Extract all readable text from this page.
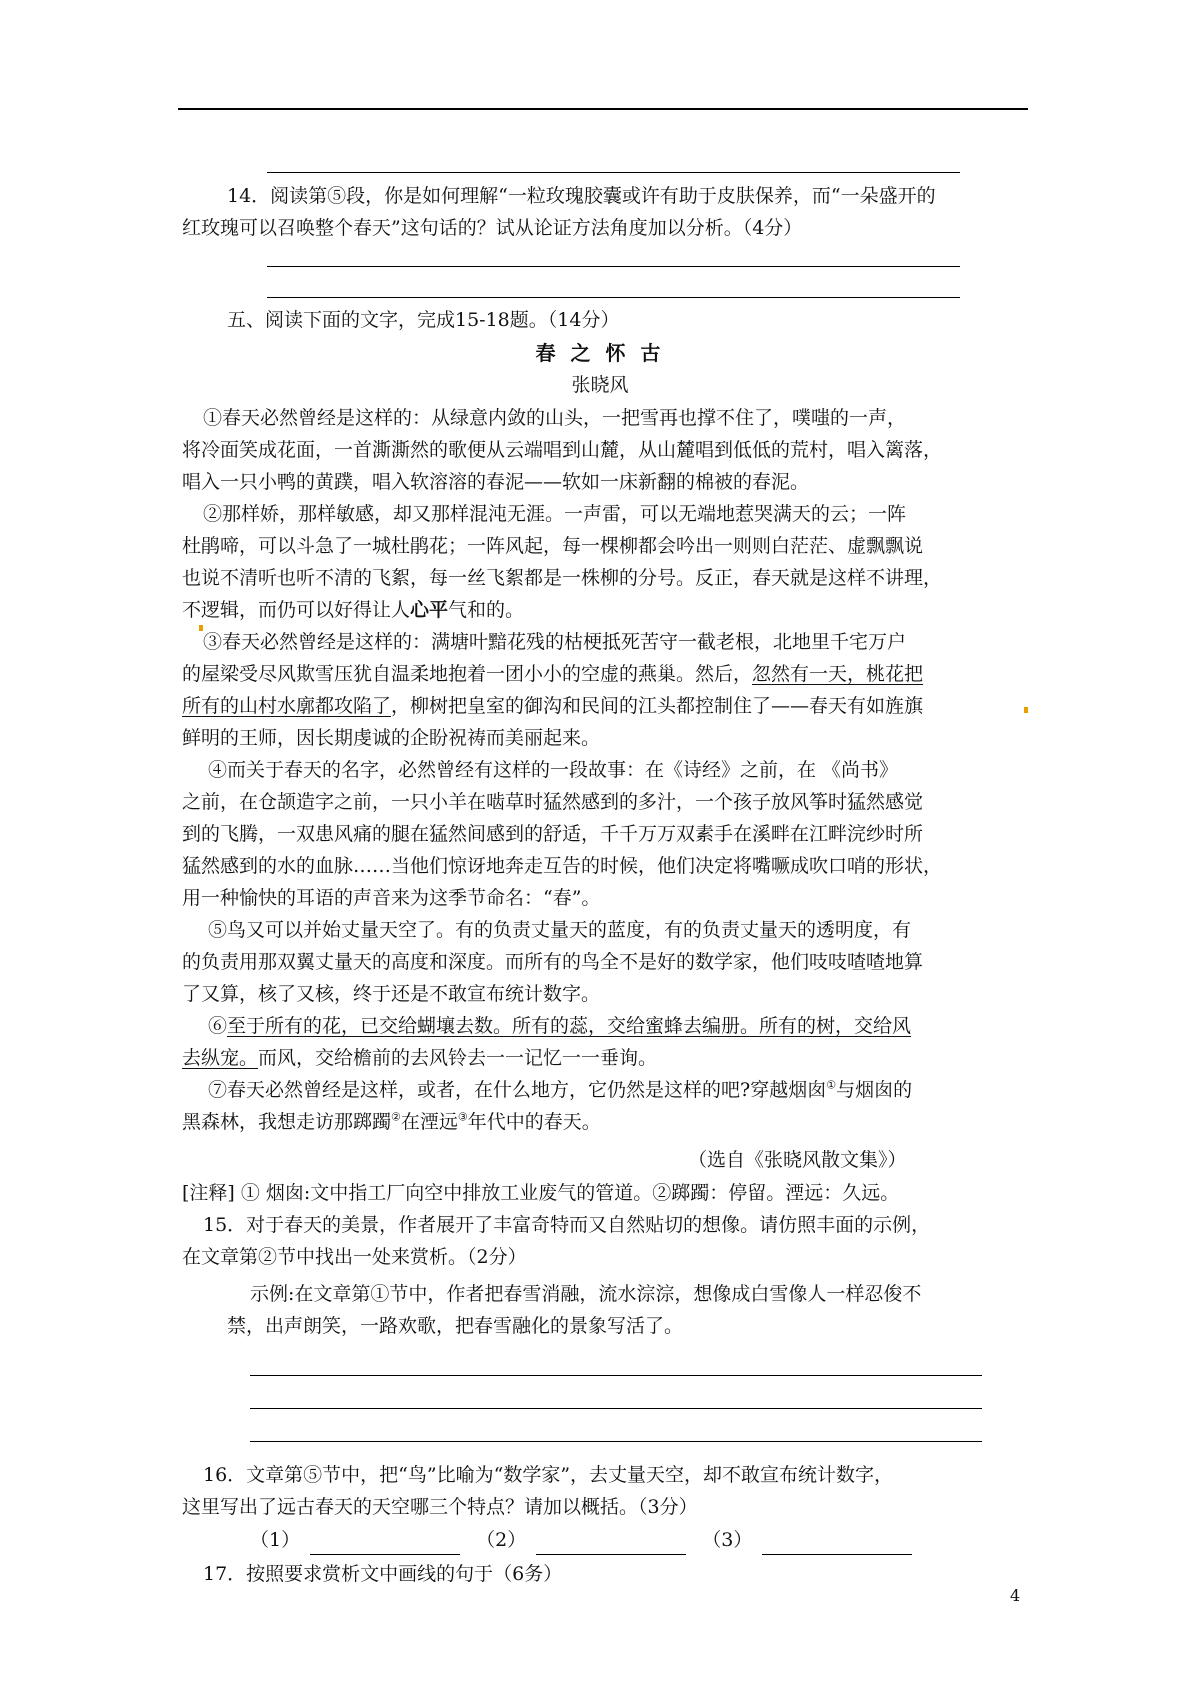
14．阅读第⑤段，你是如何理解“一粒玫瑰胶囊或许有助于皮肤保养，而“一朵盛开的
红玫瑰可以召唤整个春天”这句话的？试从论证方法角度加以分析。（4分）
五、阅读下面的文字，完成15-18题。（14分）
春 之 怀 古
张晓风
①春天必然曾经是这样的：从绿意内敛的山头，一把雪再也撑不住了，噗嗤的一声，
将冷面笑成花面，一首澌澌然的歌便从云端唱到山麓，从山麓唱到低低的荒村，唱入篱落，
唱入一只小鸭的黄蹼，唱入软溶溶的春泥——软如一床新翻的棉被的春泥。
②那样娇，那样敏感，却又那样混沌无涯。一声雷，可以无端地惹哭满天的云；一阵
杜鹃啼，可以斗急了一城杜鹃花；一阵风起，每一棵柳都会吟出一则则白茫茫、虚飘飘说
也说不清听也听不清的飞絮，每一丝飞絮都是一株柳的分号。反正，春天就是这样不讲理，
不逻辑，而仍可以好得让人心平气和的。
③春天必然曾经是这样的：满塘叶黯花残的枯梗抵死苦守一截老根，北地里千宅万户
的屋梁受尽风欺雪压犹自温柔地抱着一团小小的空虚的燕巢。然后，忽然有一天，桃花把
所有的山村水廓都攻陷了，柳树把皇室的御沟和民间的江头都控制住了——春天有如旌旗
鲜明的王师，因长期虔诚的企盼祝祷而美丽起来。
④而关于春天的名字，必然曾经有这样的一段故事：在《诗经》之前，在 《尚书》
之前，在仓颉造字之前，一只小羊在啮草时猛然感到的多汁，一个孩子放风筝时猛然感觉
到的飞腾，一双患风痛的腿在猛然间感到的舒适，千千万万双素手在溪畔在江畔浣纱时所
猛然感到的水的血脉……当他们惊讶地奔走互告的时候，他们决定将嘴噘成吹口哨的形状，
用一种愉快的耳语的声音来为这季节命名：“春”。
⑤鸟又可以并始丈量天空了。有的负责丈量天的蓝度，有的负责丈量天的透明度，有
的负责用那双翼丈量天的高度和深度。而所有的鸟全不是好的数学家，他们吱吱喳喳地算
了又算，核了又核，终于还是不敢宣布统计数字。
⑥至于所有的花，已交给蝴壤去数。所有的蕊，交给蜜蜂去编册。所有的树，交给风
去纵宠。而风，交给檐前的去风铃去一一记忆一一垂询。
⑦春天必然曾经是这样，或者，在什么地方，它仍然是这样的吧?穿越烟囱①与烟囱的
黑森林，我想走访那踯躅②在湮远③年代中的春天。
（选自《张晓风散文集》）
[注释] ① 烟囱:文中指工厂向空中排放工业废气的管道。②踯躅：停留。湮远：久远。
15．对于春天的美景，作者展开了丰富奇特而又自然贴切的想像。请仿照丰面的示例，
在文章第②节中找出一处来赏析。（2分）
示例:在文章第①节中，作者把春雪消融，流水淙淙，想像成白雪像人一样忍俊不
禁，出声朗笑，一路欢歌，把春雪融化的景象写活了。
16．文章第⑤节中，把“鸟”比喻为“数学家”，去丈量天空，却不敢宣布统计数字，
这里写出了远古春天的天空哪三个特点？请加以概括。（3分）
（1）	（2）	（3）
17．按照要求赏析文中画线的句于（6务）
4
